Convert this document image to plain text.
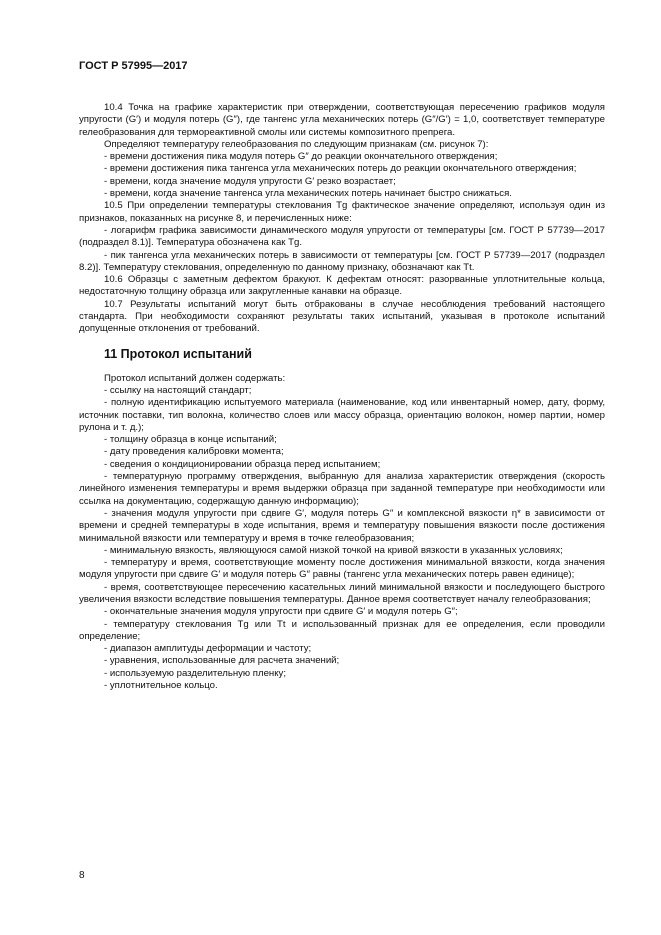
ГОСТ Р 57995—2017

10.4 Точка на графике характеристик при отверждении, соответствующая пересечению графиков модуля упругости (G′) и модуля потерь (G″), где тангенс угла механических потерь (G″/G′) = 1,0, соответствует температуре гелеобразования для термореактивной смолы или системы композитного препрега.

Определяют температуру гелеобразования по следующим признакам (см. рисунок 7):

- времени достижения пика модуля потерь G″ до реакции окончательного отверждения;

- времени достижения пика тангенса угла механических потерь до реакции окончательного отверждения;

- времени, когда значение модуля упругости G′ резко возрастает;

- времени, когда значение тангенса угла механических потерь начинает быстро снижаться.

10.5 При определении температуры стеклования Tg фактическое значение определяют, используя один из признаков, показанных на рисунке 8, и перечисленных ниже:

- логарифм графика зависимости динамического модуля упругости от температуры [см. ГОСТ Р 57739—2017 (подраздел 8.1)]. Температура обозначена как Tg.

- пик тангенса угла механических потерь в зависимости от температуры [см. ГОСТ Р 57739—2017 (подраздел 8.2)]. Температуру стеклования, определенную по данному признаку, обозначают как Tt.

10.6 Образцы с заметным дефектом бракуют. К дефектам относят: разорванные уплотнительные кольца, недостаточную толщину образца или закругленные канавки на образце.

10.7 Результаты испытаний могут быть отбракованы в случае несоблюдения требований настоящего стандарта. При необходимости сохраняют результаты таких испытаний, указывая в протоколе испытаний допущенные отклонения от требований.

11 Протокол испытаний

Протокол испытаний должен содержать:

- ссылку на настоящий стандарт;

- полную идентификацию испытуемого материала (наименование, код или инвентарный номер, дату, форму, источник поставки, тип волокна, количество слоев или массу образца, ориентацию волокон, номер партии, номер рулона и т. д.);

- толщину образца в конце испытаний;

- дату проведения калибровки момента;

- сведения о кондиционировании образца перед испытанием;

- температурную программу отверждения, выбранную для анализа характеристик отверждения (скорость линейного изменения температуры и время выдержки образца при заданной температуре при необходимости или ссылка на документацию, содержащую данную информацию);

- значения модуля упругости при сдвиге G′, модуля потерь G″ и комплексной вязкости η* в зависимости от времени и средней температуры в ходе испытания, время и температуру повышения вязкости после достижения минимальной вязкости или температуру и время в точке гелеобразования;

- минимальную вязкость, являющуюся самой низкой точкой на кривой вязкости в указанных условиях;

- температуру и время, соответствующие моменту после достижения минимальной вязкости, когда значения модуля упругости при сдвиге G′ и модуля потерь G″ равны (тангенс угла механических потерь равен единице);

- время, соответствующее пересечению касательных линий минимальной вязкости и последующего быстрого увеличения вязкости вследствие повышения температуры. Данное время соответствует началу гелеобразования;

- окончательные значения модуля упругости при сдвиге G′ и модуля потерь G″;

- температуру стеклования Tg или Tt и использованный признак для ее определения, если проводили определение;

- диапазон амплитуды деформации и частоту;

- уравнения, использованные для расчета значений;

- используемую разделительную пленку;

- уплотнительное кольцо.

8
